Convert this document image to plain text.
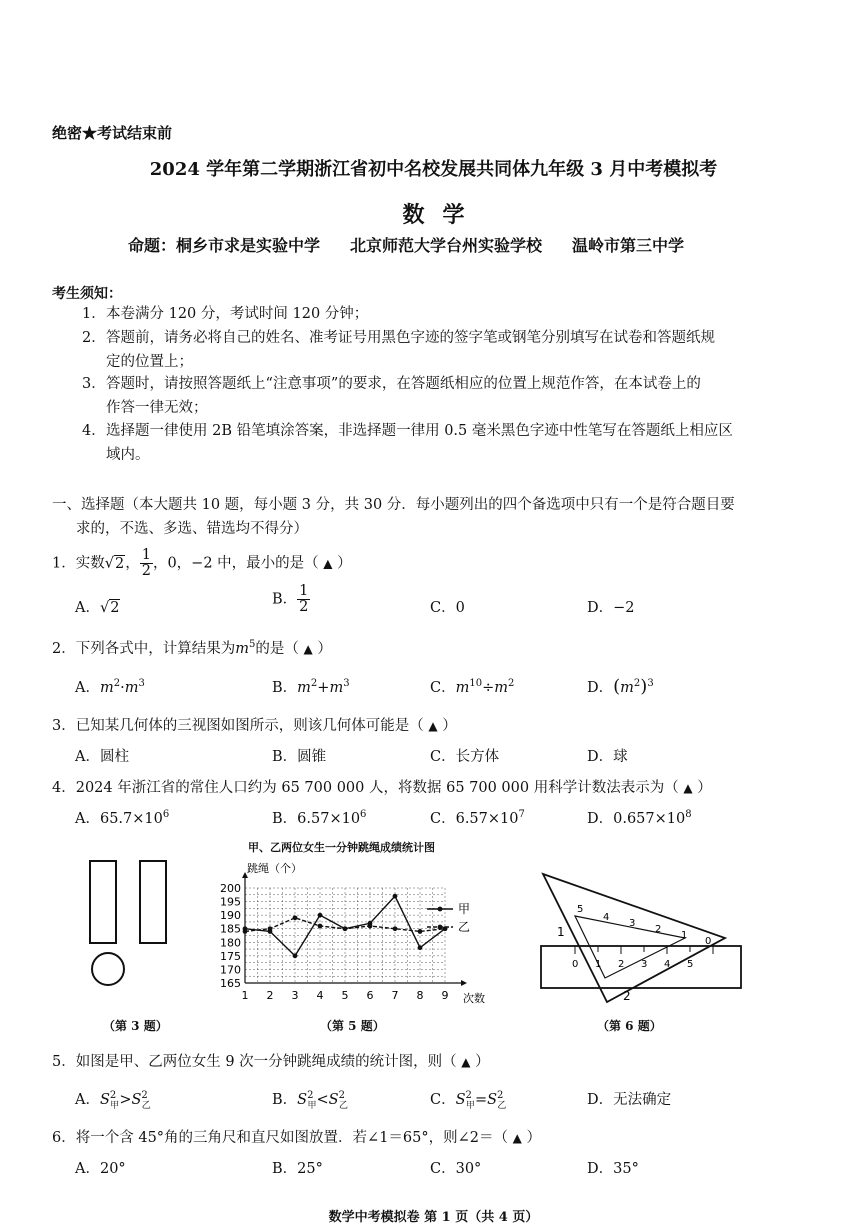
绝密★考试结束前
2024 学年第二学期浙江省初中名校发展共同体九年级 3 月中考模拟考
数学
命题：桐乡市求是实验中学 北京师范大学台州实验学校 温岭市第三中学
考生须知：
1．本卷满分 120 分，考试时间 120 分钟；
2．答题前，请务必将自己的姓名、准考证号用黑色字迹的签字笔或钢笔分别填写在试卷和答题纸规
定的位置上；
3．答题时，请按照答题纸上“注意事项”的要求，在答题纸相应的位置上规范作答，在本试卷上的
作答一律无效；
4．选择题一律使用 2B 铅笔填涂答案，非选择题一律用 0.5 毫米黑色字迹中性笔写在答题纸上相应区
域内。
一、选择题（本大题共 10 题，每小题 3 分，共 30 分．每小题列出的四个备选项中只有一个是符合题目要
求的，不选、多选、错选均不得分）
1．实数√2， $\frac{1}{2}$ ，0，−2 中，最小的是（ ▲ ）
A．√2
B． $\frac{1}{2}$	C．0	D．−2
2．下列各式中，计算结果为$m^5$的是（ ▲ ）
A．$m^2\cdot m^3$	B．$m^2+m^3$	C．$m^{10}\div m^2$	D．$(m^2)^3$
3．已知某几何体的三视图如图所示，则该几何体可能是（ ▲ ）
A．圆柱	B．圆锥	C．长方体	D．球
4．2024 年浙江省的常住人口约为 65 700 000 人，将数据 65 700 000 用科学计数法表示为（ ▲ ）
A．$65.7\times 10^6$	B．$6.57\times 10^6$	C．$6.57\times 10^7$	D．$0.657\times 10^8$
（第 3 题）
甲、乙两位女生一分钟跳绳成绩统计图
跳绳（个）
次数
甲
乙
165
170
175
180
185
190
195
200
1 2 3 4 5 6 7 8 9
（第 5 题）
0 1 2 3 4 5
5
4
3
2
1
0
1
2
（第 6 题）
5．如图是甲、乙两位女生 9 次一分钟跳绳成绩的统计图，则（ ▲ ）
A．$S^2_甲>S^2_乙$	B．$S^2_甲<S^2_乙$	C．$S^2_甲=S^2_乙$	D．无法确定
6．将一个含 45°角的三角尺和直尺如图放置．若∠1＝65°，则∠2＝（ ▲ ）
A．20°	B．25°	C．30°	D．35°
数学中考模拟卷 第 1 页（共 4 页）
